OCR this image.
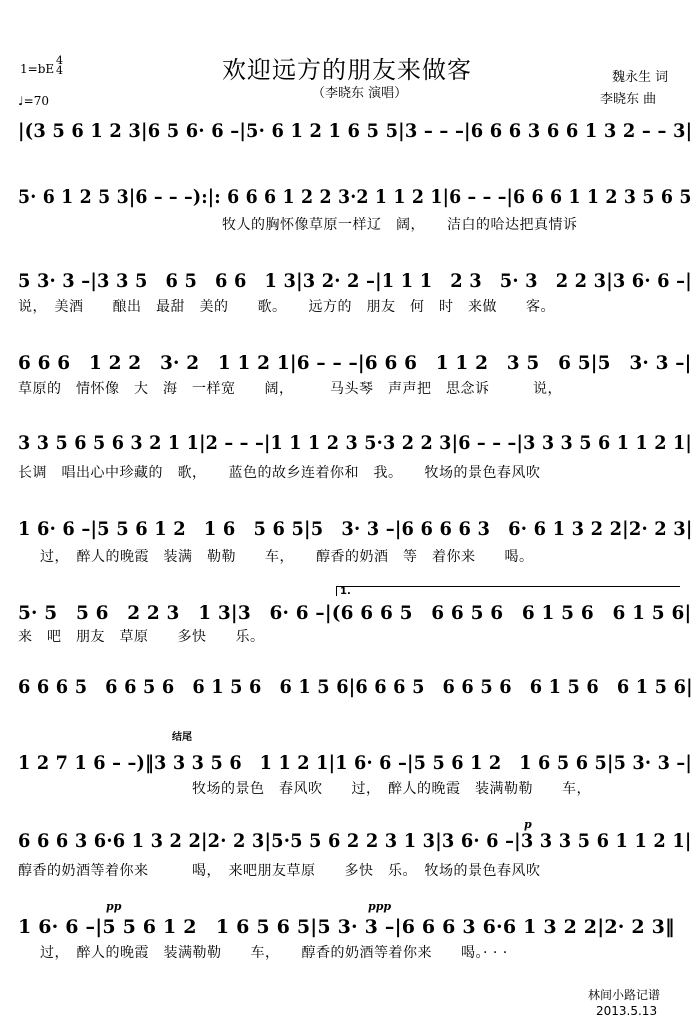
1=bE
4
4
♩=70
欢迎远方的朋友来做客
（李晓东 演唱）
魏永生 词
李晓东 曲
|(3 5 6 1 2 3|6 5 6· 6 –|5· 6 1 2 1 6 5 5|3 – – –|6 6 6 3 6 6 1 3 2 – – 3|
5· 6 1 2 5 3|6 – – –):|: 6 6 6 1 2 2 3·2 1 1 2 1|6 – – –|6 6 6 1 1 2 3 5 6 5
牧人的胸怀像草原一样辽　阔，　　洁白的哈达把真情诉
5 3· 3 –|3 3 5　6 5　6 6　1 3|3 2· 2 –|1 1 1　2 3　5· 3　2 2 3|3 6· 6 –|
说，　美酒　　酿出　最甜　美的　　歌。　　远方的　朋友　何　时　来做　　客。
6 6 6　1 2 2　3· 2　1 1 2 1|6 – – –|6 6 6　1 1 2　3 5　6 5|5　3· 3 –|
草原的　情怀像　大　海　一样宽　　阔，　　　马头琴　声声把　思念诉　　　说，
3 3 5 6 5 6 3 2 1 1|2 – – –|1 1 1 2 3 5·3 2 2 3|6 – – –|3 3 3 5 6 1 1 2 1|
长调　唱出心中珍藏的　歌，　　蓝色的故乡连着你和　我。　　牧场的景色春风吹
1 6· 6 –|5 5 6 1 2　1 6　5 6 5|5　3· 3 –|6 6 6 6 3　6· 6 1 3 2 2|2· 2 3|
过，　醉人的晚霞　装满　勒勒　　车，　　醇香的奶酒　等　着你来　　喝。
1.
5· 5　5 6　2 2 3　1 3|3　6· 6 –|(6 6 6 5　6 6 5 6　6 1 5 6　6 1 5 6|
来　吧　朋友　草原　　多快　　乐。
6 6 6 5　6 6 5 6　6 1 5 6　6 1 5 6|6 6 6 5　6 6 5 6　6 1 5 6　6 1 5 6|
结尾
1 2 7 1 6 – –)‖3 3 3 5 6　1 1 2 1|1 6· 6 –|5 5 6 1 2　1 6 5 6 5|5 3· 3 –|
　　　　　　　　　　　　牧场的景色　春风吹　　过，　醉人的晚霞　装满勒勒　　车，
p
6 6 6 3 6·6 1 3 2 2|2· 2 3|5·5 5 6 2 2 3 1 3|3 6· 6 –|3 3 3 5 6 1 1 2 1|
醇香的奶酒等着你来　　　喝，　来吧朋友草原　　多快　乐。　牧场的景色春风吹
pp	ppp
1 6· 6 –|5 5 6 1 2　1 6 5 6 5|5 3· 3 –|6 6 6 3 6·6 1 3 2 2|2· 2 3‖
过，　醉人的晚霞　装满勒勒　　车，　　醇香的奶酒等着你来　　喝。· · ·
林间小路记谱
2013.5.13
